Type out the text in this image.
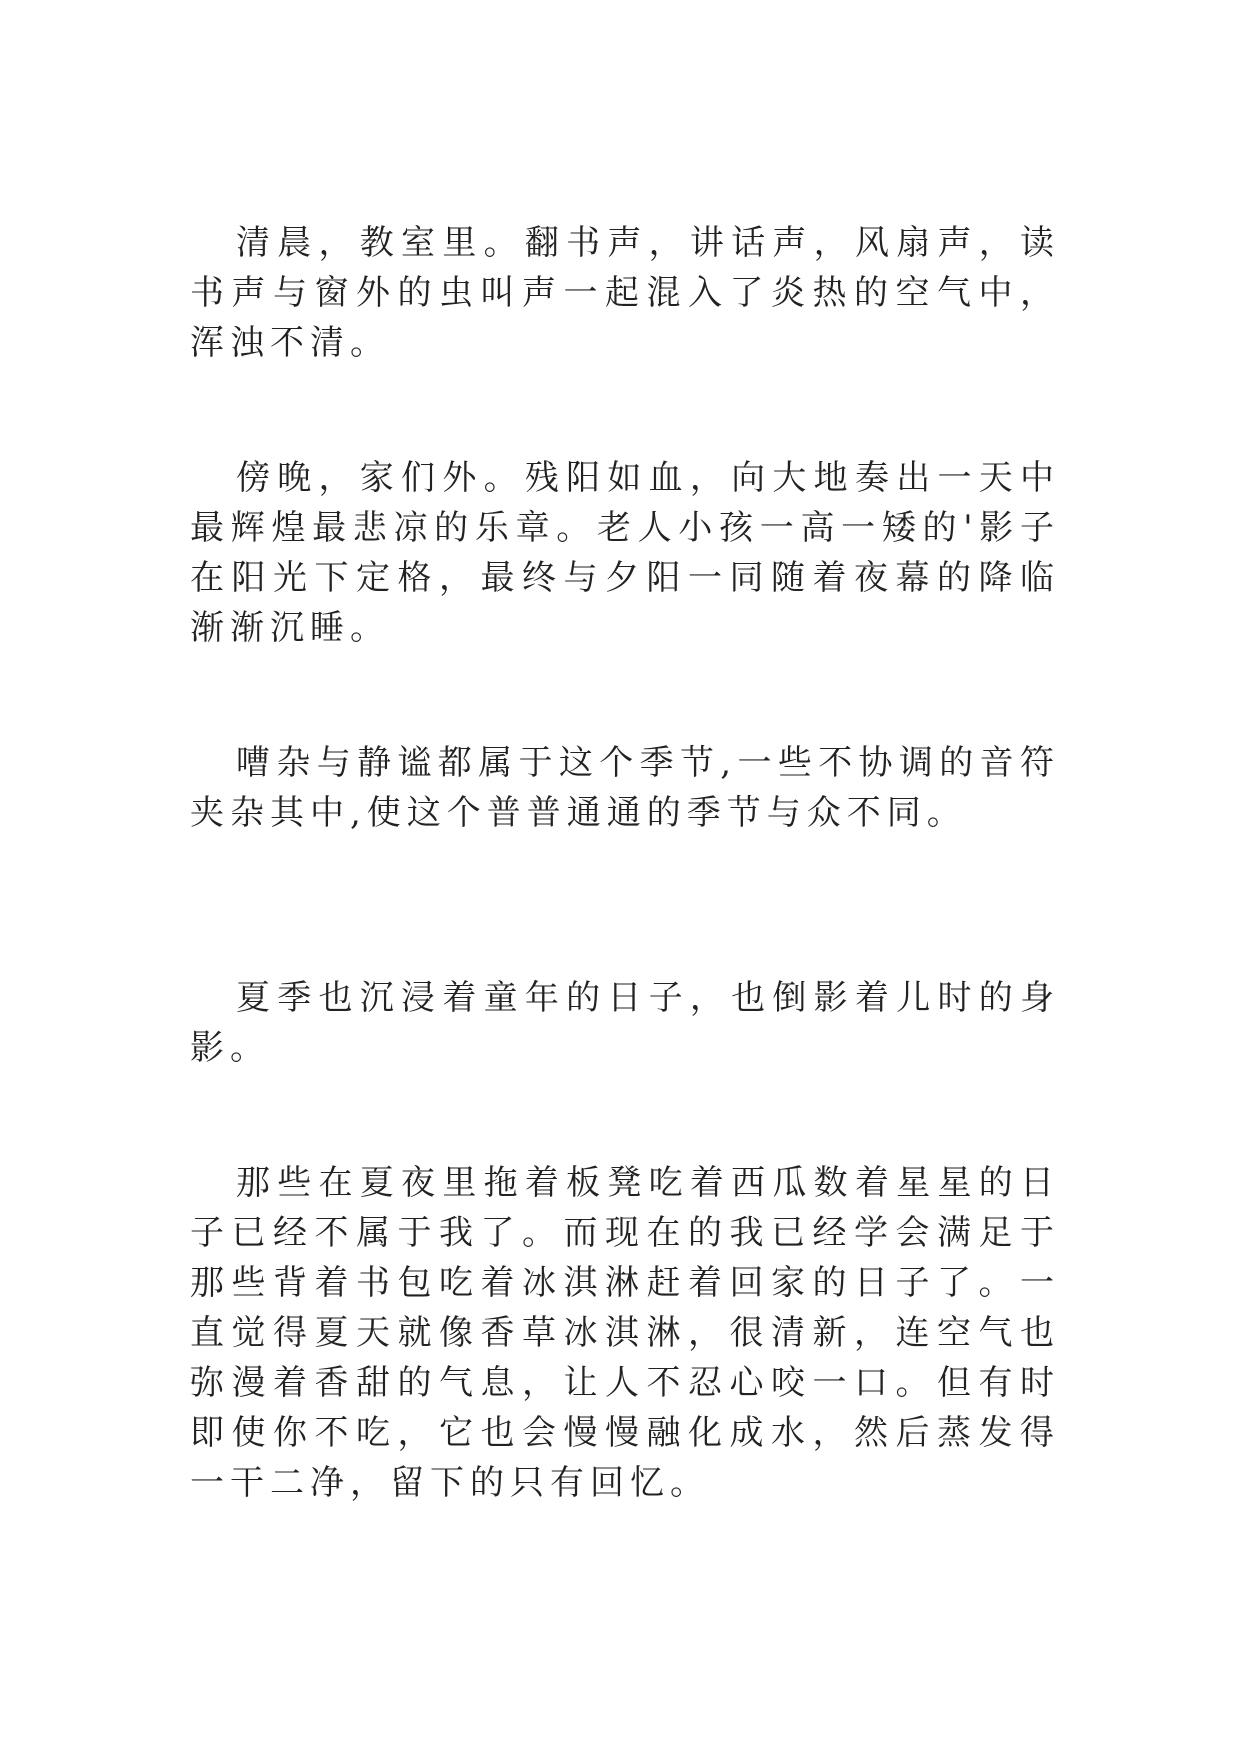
清晨，教室里。翻书声，讲话声，风扇声，读书声与窗外的虫叫声一起混入了炎热的空气中，浑浊不清。

傍晚，家们外。残阳如血，向大地奏出一天中最辉煌最悲凉的乐章。老人小孩一高一矮的'影子在阳光下定格，最终与夕阳一同随着夜幕的降临渐渐沉睡。

嘈杂与静谧都属于这个季节,一些不协调的音符夹杂其中,使这个普普通通的季节与众不同。

夏季也沉浸着童年的日子，也倒影着儿时的身影。

那些在夏夜里拖着板凳吃着西瓜数着星星的日子已经不属于我了。而现在的我已经学会满足于那些背着书包吃着冰淇淋赶着回家的日子了。一直觉得夏天就像香草冰淇淋，很清新，连空气也弥漫着香甜的气息，让人不忍心咬一口。但有时即使你不吃，它也会慢慢融化成水，然后蒸发得一干二净，留下的只有回忆。
